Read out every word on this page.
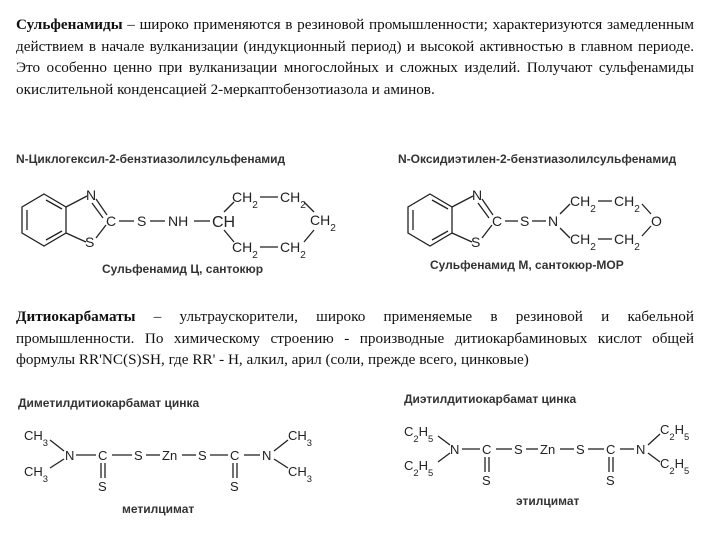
Сульфенамиды – широко применяются в резиновой промышленности; характеризуются замедленным действием в начале вулканизации (индукционный период) и высокой активностью в главном периоде. Это особенно ценно при вулканизации многослойных и сложных изделий. Получают сульфенамиды окислительной конденсацией 2-меркаптобензотиазола и аминов.

N-Циклогексил-2-бензтиазолилсульфенамид
N
S
C S NH CH
$CH_2$ $CH_2$
$CH_2$
$CH_2$ $CH_2$
Сульфенамид Ц, сантокюр
N-Оксидиэтилен-2-бензтиазолилсульфенамид
N
S
C S N
$CH_2$ $CH_2$
$CH_2$ $CH_2$
O
Сульфенамид М, сантокюр-МОР

Дитиокарбаматы – ультраускорители, широко применяемые в резиновой и кабельной промышленности. По химическому строению - производные дитиокарбаминовых кислот общей формулы RR'NC(S)SH, где RR' - H, алкил, арил (соли, прежде всего, цинковые)

Диметилдитиокарбамат цинка
$CH_3$
$CH_3$
N C
S
S Zn S C
S
N
$CH_3$
$CH_3$
метилцимат
Диэтилдитиокарбамат цинка
$C_2H_5$
$C_2H_5$
N C
S
S Zn S C
S
N
$C_2H_5$
$C_2H_5$
этилцимат
